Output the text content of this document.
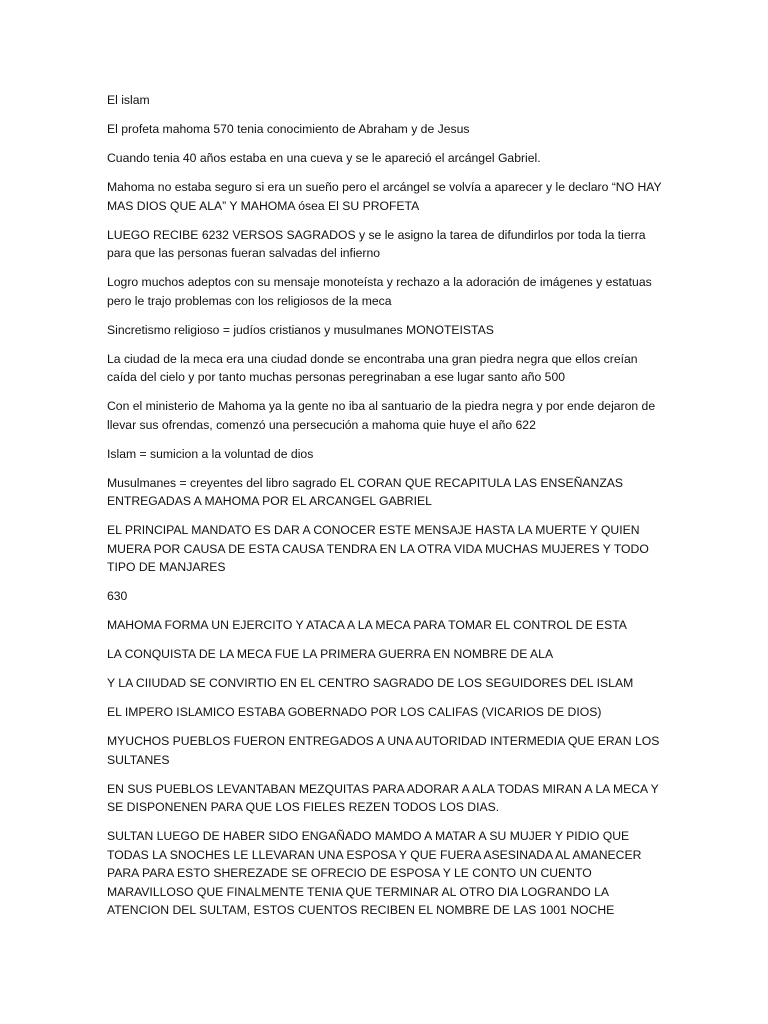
El islam

El profeta mahoma 570 tenia conocimiento de Abraham y de Jesus

Cuando tenia 40 años estaba en una cueva y se le apareció el arcángel Gabriel.

Mahoma no estaba seguro si era un sueño pero el arcángel se volvía a aparecer y le declaro “NO HAY MAS DIOS QUE ALA” Y MAHOMA ósea El SU PROFETA

LUEGO RECIBE 6232 VERSOS SAGRADOS y se le asigno la tarea de difundirlos por toda la tierra para que las personas fueran salvadas del infierno

Logro muchos adeptos con su mensaje monoteísta y rechazo a la adoración de imágenes y estatuas pero le trajo problemas con los religiosos de la meca

Sincretismo religioso = judíos cristianos y musulmanes MONOTEISTAS

La ciudad de la meca era una ciudad donde se encontraba una gran piedra negra que ellos creían caída del cielo y por tanto muchas personas peregrinaban a ese lugar santo año 500

Con el ministerio de Mahoma ya la gente no iba al santuario de la piedra negra y por ende dejaron de llevar sus ofrendas, comenzó una persecución a mahoma quie huye el año 622

Islam = sumicion a la voluntad de dios

Musulmanes = creyentes del libro sagrado EL CORAN QUE RECAPITULA LAS ENSEÑANZAS ENTREGADAS A MAHOMA POR EL ARCANGEL GABRIEL

EL PRINCIPAL MANDATO ES DAR A CONOCER ESTE MENSAJE HASTA LA MUERTE Y QUIEN MUERA POR CAUSA DE ESTA CAUSA TENDRA EN LA OTRA VIDA MUCHAS MUJERES Y TODO TIPO DE MANJARES

630

MAHOMA FORMA UN EJERCITO Y ATACA A LA MECA PARA TOMAR EL CONTROL DE ESTA

LA CONQUISTA DE LA MECA FUE LA PRIMERA GUERRA EN NOMBRE DE ALA

Y LA CIIUDAD SE CONVIRTIO EN EL CENTRO SAGRADO DE LOS SEGUIDORES DEL ISLAM

EL IMPERO ISLAMICO ESTABA GOBERNADO POR LOS CALIFAS (VICARIOS DE DIOS)

MYUCHOS PUEBLOS FUERON ENTREGADOS A UNA AUTORIDAD INTERMEDIA QUE ERAN LOS SULTANES

EN SUS PUEBLOS LEVANTABAN MEZQUITAS PARA ADORAR A ALA TODAS MIRAN A LA MECA Y SE DISPONENEN PARA QUE LOS FIELES REZEN TODOS LOS DIAS.

SULTAN LUEGO DE HABER SIDO ENGAÑADO MAMDO A MATAR A SU MUJER Y PIDIO QUE TODAS LA SNOCHES LE LLEVARAN UNA ESPOSA Y QUE FUERA ASESINADA AL AMANECER PARA PARA ESTO SHEREZADE SE OFRECIO DE ESPOSA Y LE CONTO UN CUENTO MARAVILLOSO QUE FINALMENTE TENIA QUE TERMINAR AL OTRO DIA LOGRANDO LA ATENCION DEL SULTAM, ESTOS CUENTOS RECIBEN EL NOMBRE DE LAS 1001 NOCHE
